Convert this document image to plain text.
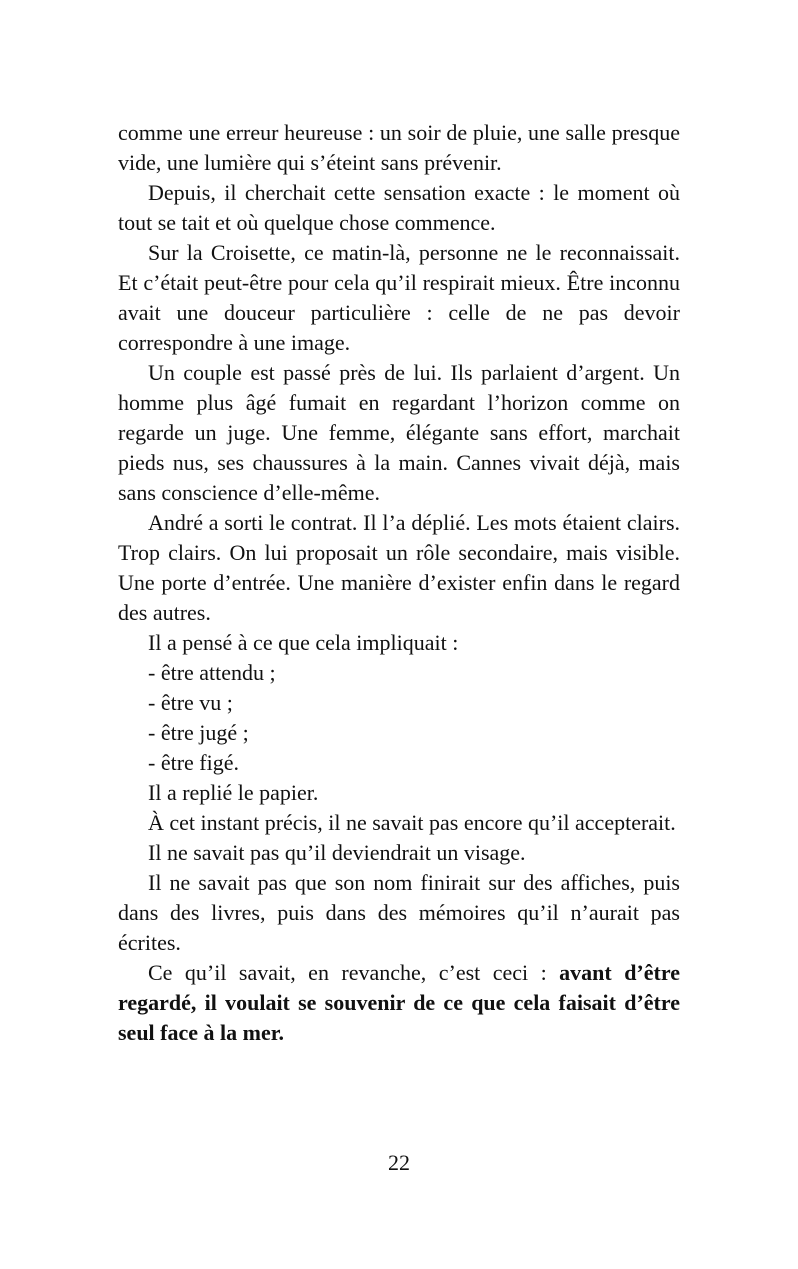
comme une erreur heureuse : un soir de pluie, une salle presque vide, une lumière qui s’éteint sans prévenir.

Depuis, il cherchait cette sensation exacte : le moment où tout se tait et où quelque chose commence.

Sur la Croisette, ce matin-là, personne ne le reconnaissait. Et c’était peut-être pour cela qu’il respirait mieux. Être inconnu avait une douceur particulière : celle de ne pas devoir correspondre à une image.

Un couple est passé près de lui. Ils parlaient d’argent. Un homme plus âgé fumait en regardant l’horizon comme on regarde un juge. Une femme, élégante sans effort, marchait pieds nus, ses chaussures à la main. Cannes vivait déjà, mais sans conscience d’elle-même.

André a sorti le contrat. Il l’a déplié. Les mots étaient clairs. Trop clairs. On lui proposait un rôle secondaire, mais visible. Une porte d’entrée. Une manière d’exister enfin dans le regard des autres.

Il a pensé à ce que cela impliquait :

- être attendu ;

- être vu ;

- être jugé ;

- être figé.

Il a replié le papier.

À cet instant précis, il ne savait pas encore qu’il accepterait.

Il ne savait pas qu’il deviendrait un visage.

Il ne savait pas que son nom finirait sur des affiches, puis dans des livres, puis dans des mémoires qu’il n’aurait pas écrites.

Ce qu’il savait, en revanche, c’est ceci : avant d’être regardé, il voulait se souvenir de ce que cela faisait d’être seul face à la mer.

22
